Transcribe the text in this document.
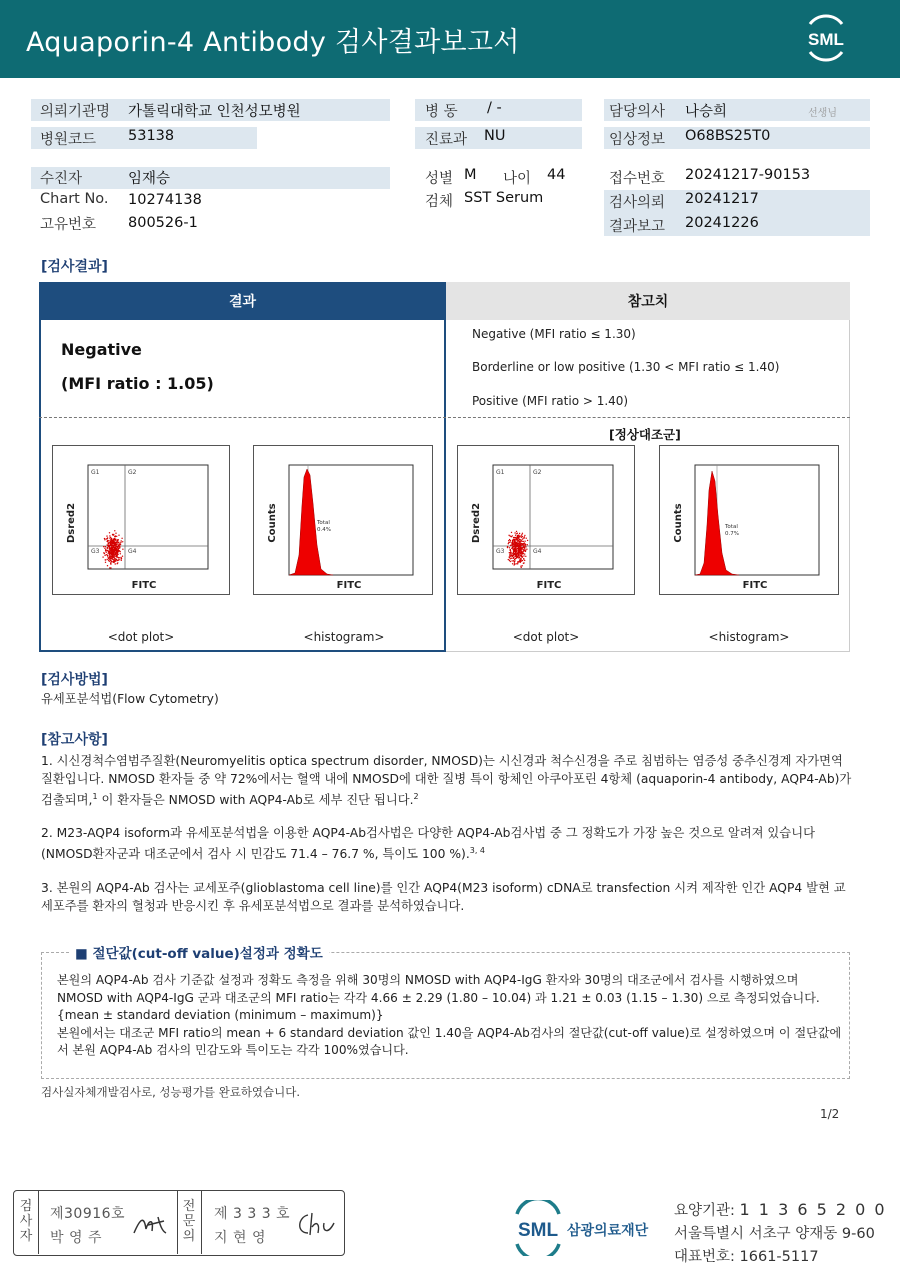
Aquaporin-4 Antibody 검사결과보고서	SML
의뢰기관명 가톨릭대학교 인천성모병원
병원코드 53138
병 동 / -
진료과 NU
담당의사 나승희	선생님
임상정보 O68BS25T0
수진자	임재승
Chart No. 10274138
고유번호 800526-1
성별 M 나이 44
검체 SST Serum
접수번호 20241217-90153
검사의뢰 20241217
결과보고 20241226
[검사결과]
참고치
결과
Negative
(MFI ratio : 1.05)
Negative (MFI ratio ≤ 1.30)
Borderline or low positive (1.30 < MFI ratio ≤ 1.40)
Positive (MFI ratio > 1.40)
[정상대조군]
G1	G2
G3	G4
Dsred2
FITC
Total
0.4%
Counts
FITC
G1	G2
G3	G4
Dsred2
FITC
Total
0.7%
Counts
FITC
<dot plot>	<histogram>	<dot plot>	<histogram>
[검사방법]
유세포분석법(Flow Cytometry)
[참고사항]
1. 시신경척수염범주질환(Neuromyelitis optica spectrum disorder, NMOSD)는 시신경과 척수신경을 주로 침범하는 염증성 중추신경계 자가면역 질환입니다. NMOSD 환자들 중 약 72%에서는 혈액 내에 NMOSD에 대한 질병 특이 항체인 아쿠아포린 4항체 (aquaporin-4 antibody, AQP4-Ab)가 검출되며,$^1$ 이 환자들은 NMOSD with AQP4-Ab로 세부 진단 됩니다.$^2$
2. M23-AQP4 isoform과 유세포분석법을 이용한 AQP4-Ab검사법은 다양한 AQP4-Ab검사법 중 그 정확도가 가장 높은 것으로 알려져 있습니다(NMOSD환자군과 대조군에서 검사 시 민감도 71.4 – 76.7 %, 특이도 100 %).$^{3, 4}$
3. 본원의 AQP4-Ab 검사는 교세포주(glioblastoma cell line)를 인간 AQP4(M23 isoform) cDNA로 transfection 시켜 제작한 인간 AQP4 발현 교세포주를 환자의 혈청과 반응시킨 후 유세포분석법으로 결과를 분석하였습니다.
■ 절단값(cut-off value)설정과 정확도
본원의 AQP4-Ab 검사 기준값 설정과 정확도 측정을 위해 30명의 NMOSD with AQP4-IgG 환자와 30명의 대조군에서 검사를 시행하였으며 NMOSD with AQP4-IgG 군과 대조군의 MFI ratio는 각각 4.66 ± 2.29 (1.80 – 10.04) 과 1.21 ± 0.03 (1.15 – 1.30) 으로 측정되었습니다. {mean ± standard deviation (minimum – maximum)}
본원에서는 대조군 MFI ratio의 mean + 6 standard deviation 값인 1.40을 AQP4-Ab검사의 절단값(cut-off value)로 설정하였으며 이 절단값에서 본원 AQP4-Ab 검사의 민감도와 특이도는 각각 100%였습니다.
검사실자체개발검사로, 성능평가를 완료하였습니다.
1/2
검
사
자
제30916호
박 영 주
전
문
의
제 3 3 3 호
지 현 영	SML 삼광의료재단
요양기관: 1 1 3 6 5 2 0 0
서울특별시 서초구 양재동 9-60
대표번호: 1661-5117
